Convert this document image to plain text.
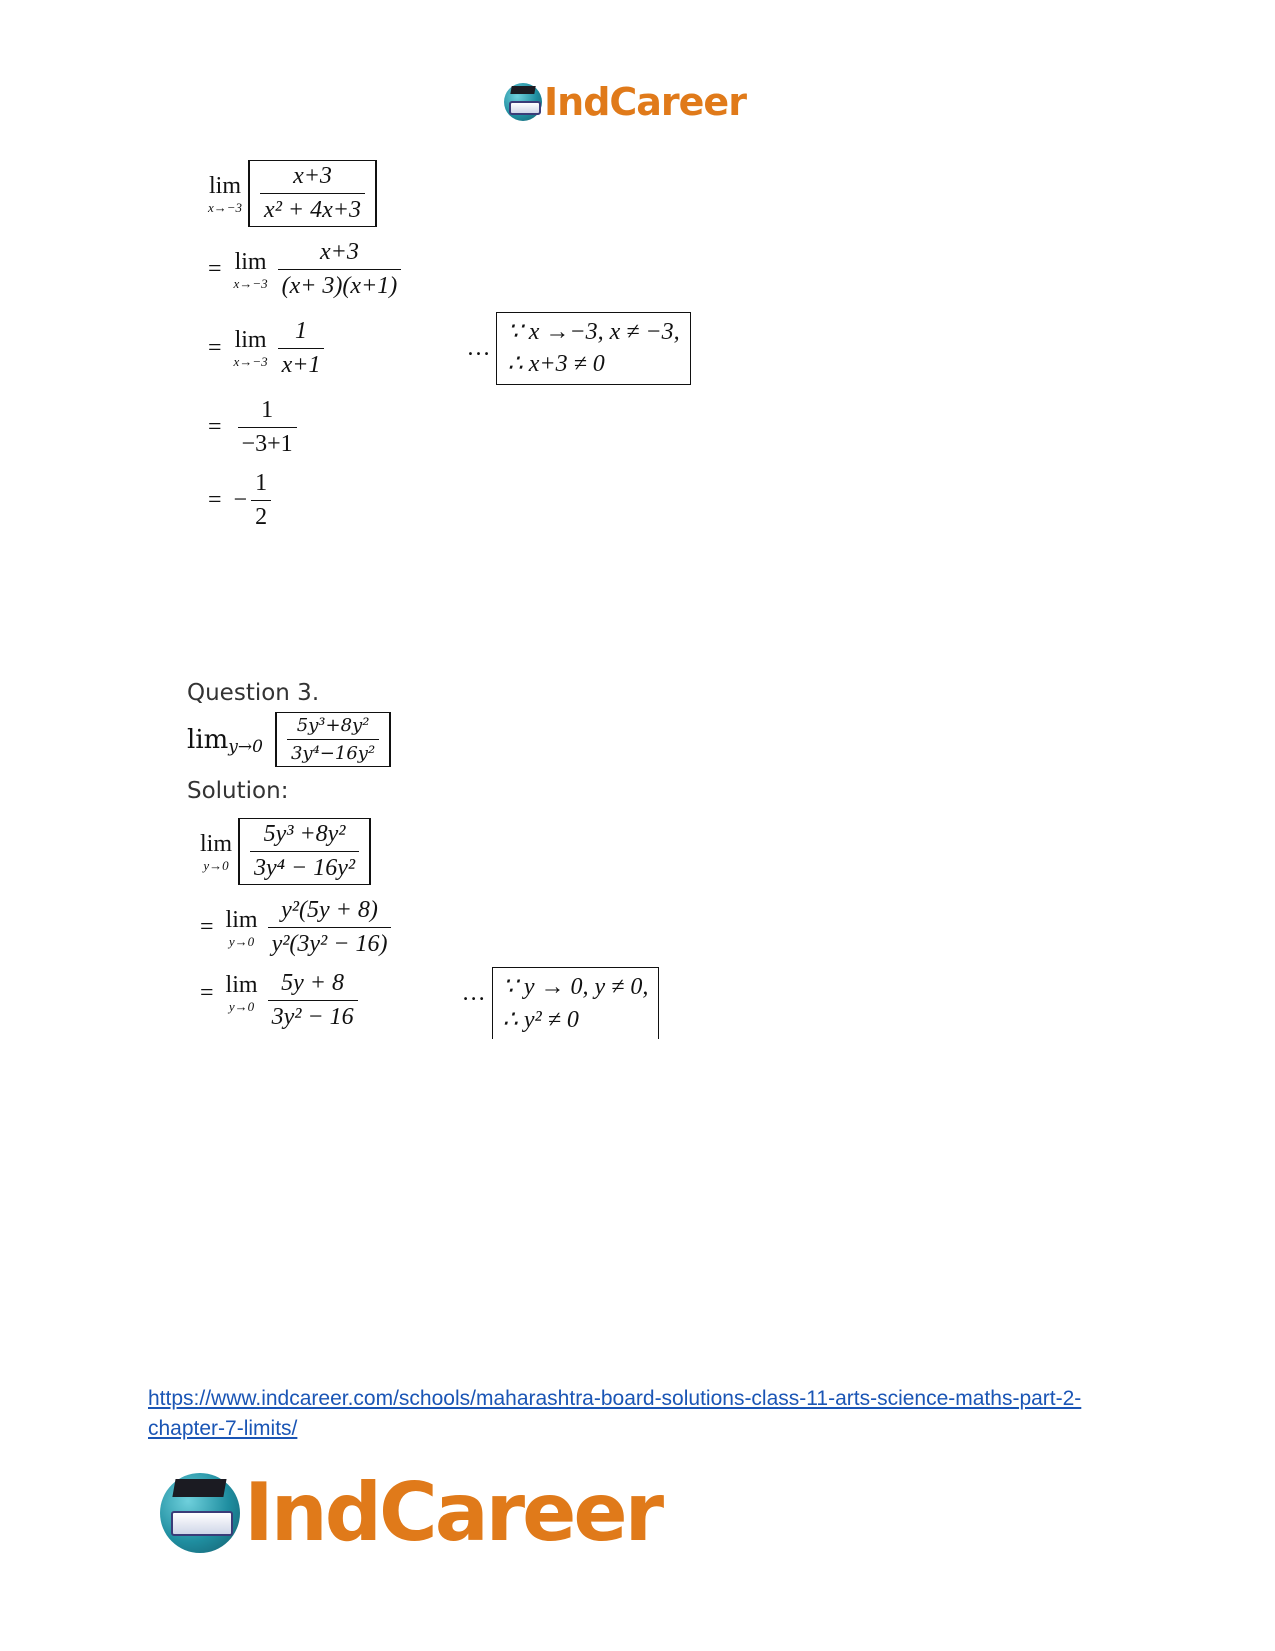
IndCareer
lim
$x\to-3 \frac{x+3}{\text{x² + 4x+3}}$
= lim
$x\to-3 \frac{x+3}{(x+ 3)(x+1)}$
= lim
$x\to-3 \frac{1}{x+1}$	…
∵ x →−3, x ≠ −3,
∴ x+3 ≠ 0
= $\frac{1}{-3+1}$
= − $\frac{1}{2}$
Question 3.
$\lim y\to 0 \frac{\text{5y³+8y²}}{\text{3y⁴−16y²}}$
Solution:
lim
$y\to 0 \frac{\text{5y³ +8y²}}{\text{3y⁴ − 16y²}}$
= lim
$y\to 0 \frac{\text{y²(5y + 8)}}{\text{y²(3y² − 16)}}$
= lim
$y\to 0 \frac{5y + 8}{\text{3y² − 16}}$	… ∵ y → 0, y ≠ 0,
∴ y² ≠ 0
https://www.indcareer.com/schools/maharashtra-board-solutions-class-11-arts-science-maths-part-2-chapter-7-limits/
IndCareer
